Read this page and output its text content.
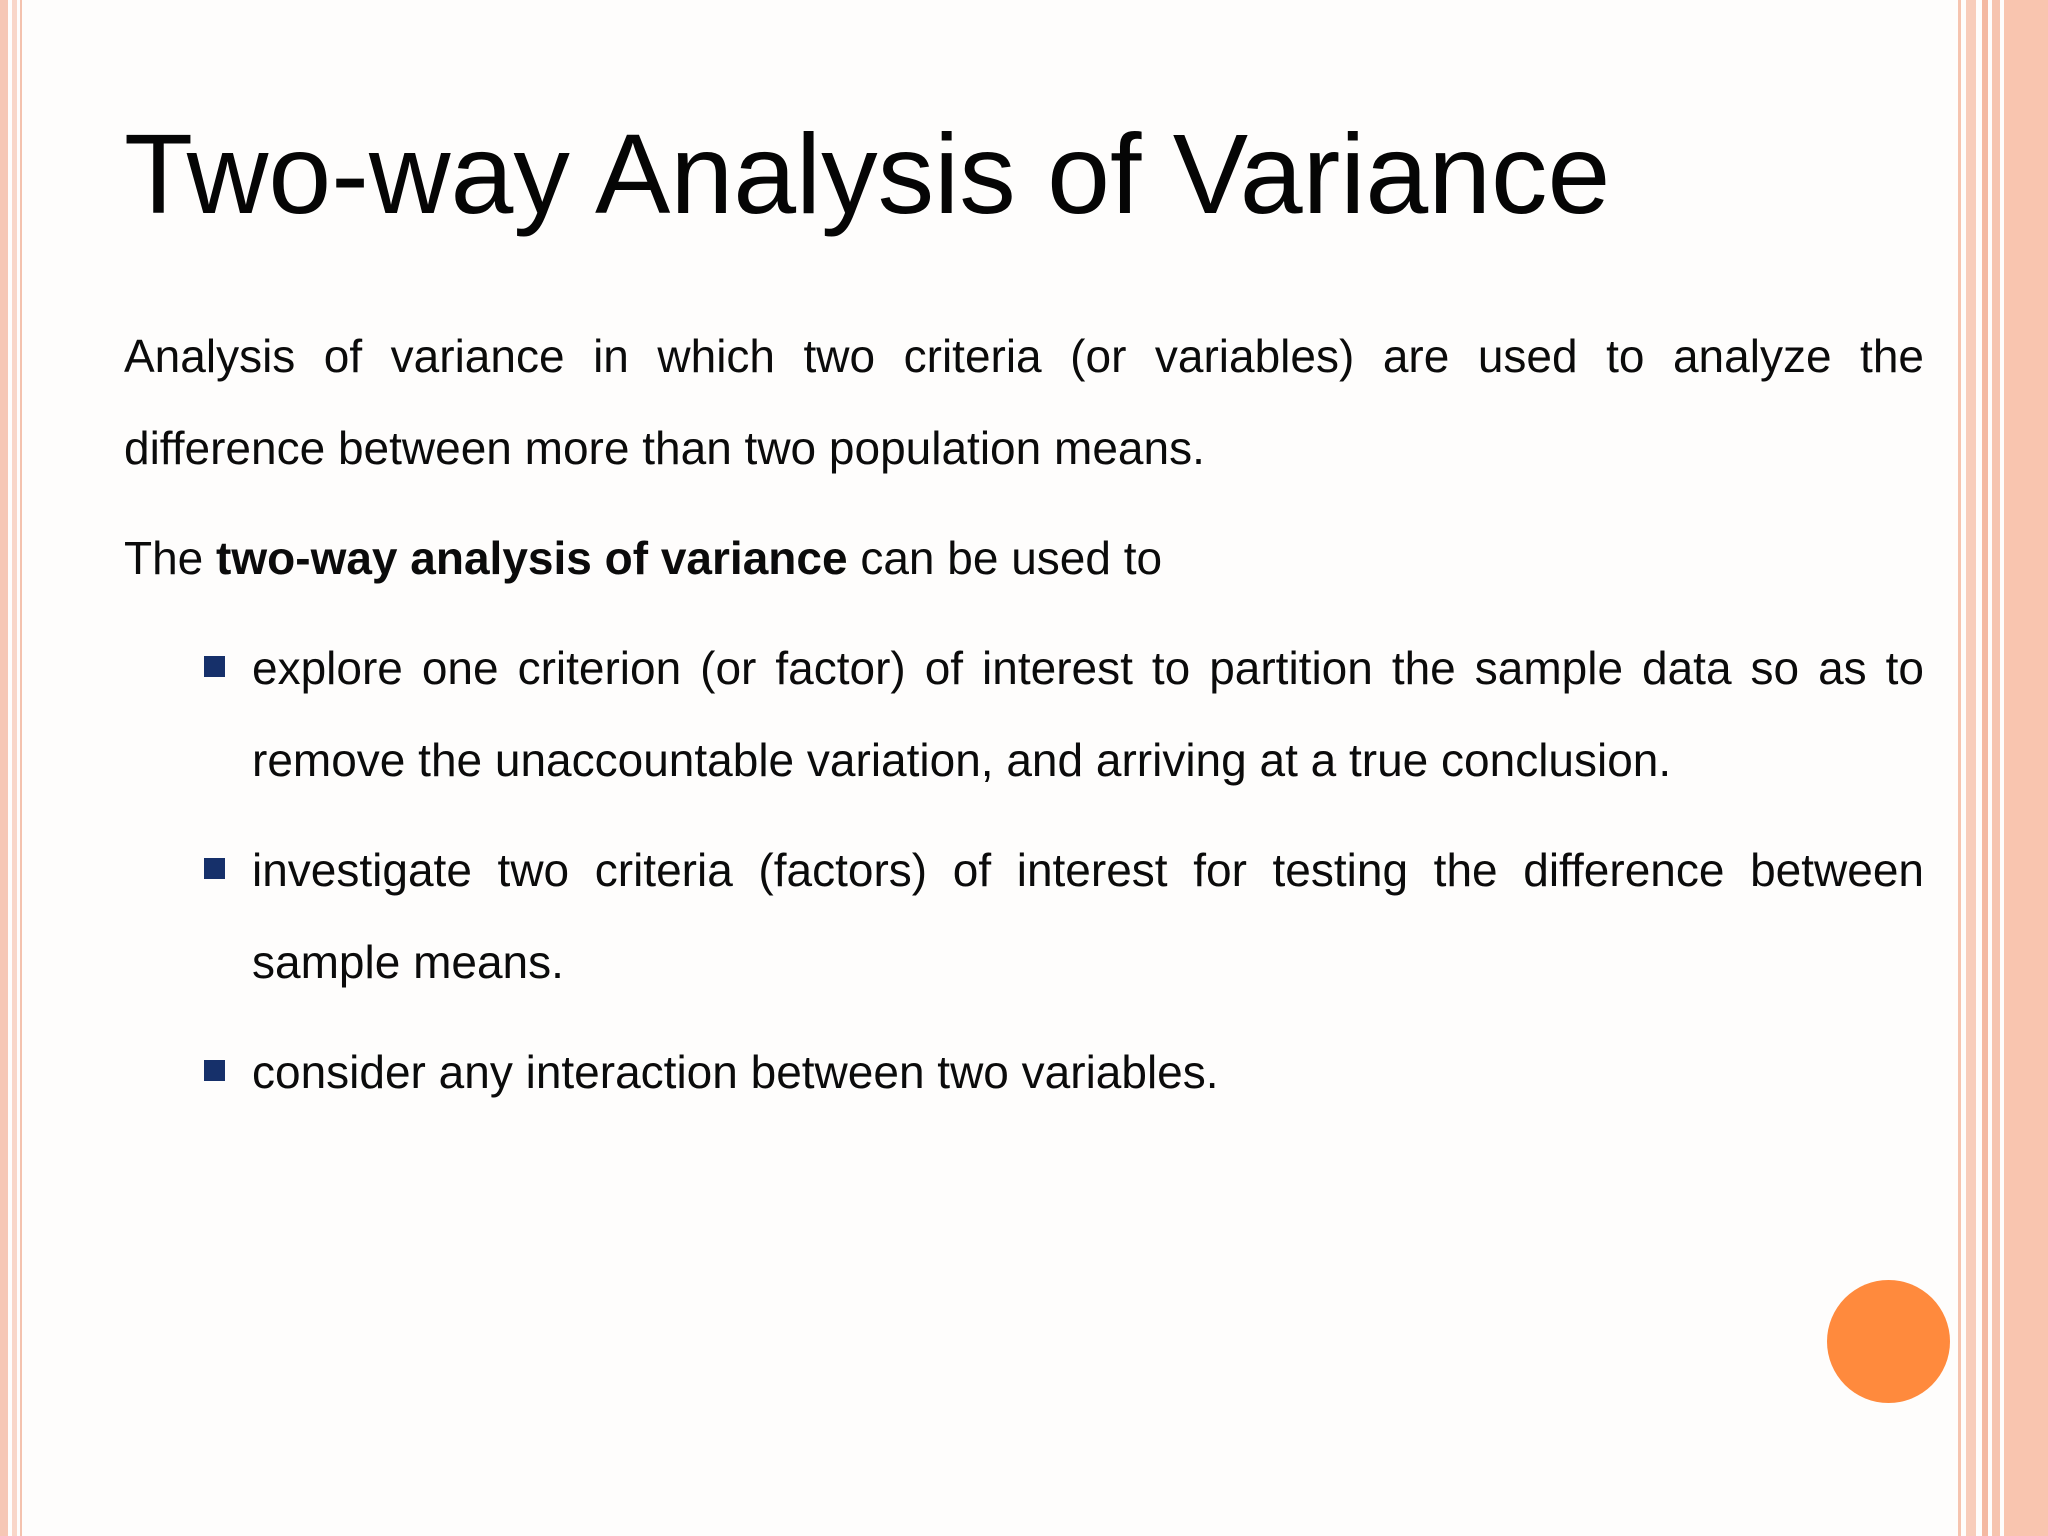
Two-way Analysis of Variance

Analysis of variance in which two criteria (or variables) are used to analyze the difference between more than two population means.

The two-way analysis of variance can be used to

explore one criterion (or factor) of interest to partition the sample data so as to remove the unaccountable variation, and arriving at a true conclusion.
investigate two criteria (factors) of interest for testing the difference between sample means.
consider any interaction between two variables.
